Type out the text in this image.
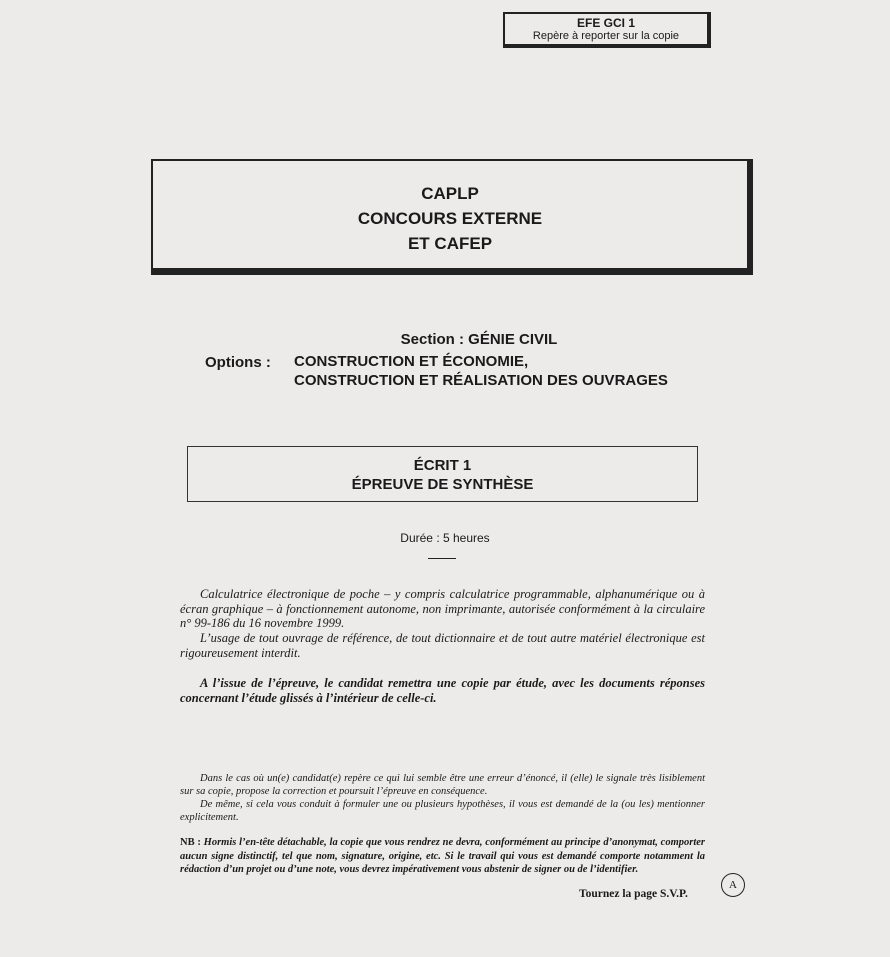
EFE GCI 1
Repère à reporter sur la copie
CAPLP
CONCOURS EXTERNE
ET CAFEP
Section : GÉNIE CIVIL
Options : CONSTRUCTION ET ÉCONOMIE,
CONSTRUCTION ET RÉALISATION DES OUVRAGES
ÉCRIT 1
ÉPREUVE DE SYNTHÈSE
Durée : 5 heures
Calculatrice électronique de poche – y compris calculatrice programmable, alphanumérique ou à écran graphique – à fonctionnement autonome, non imprimante, autorisée conformément à la circulaire n° 99-186 du 16 novembre 1999.
L’usage de tout ouvrage de référence, de tout dictionnaire et de tout autre matériel électronique est rigoureusement interdit.
A l’issue de l’épreuve, le candidat remettra une copie par étude, avec les documents réponses concernant l’étude glissés à l’intérieur de celle-ci.
Dans le cas où un(e) candidat(e) repère ce qui lui semble être une erreur d’énoncé, il (elle) le signale très lisiblement sur sa copie, propose la correction et poursuit l’épreuve en conséquence.
De même, si cela vous conduit à formuler une ou plusieurs hypothèses, il vous est demandé de la (ou les) mentionner explicitement.
NB : Hormis l’en-tête détachable, la copie que vous rendrez ne devra, conformément au principe d’anonymat, comporter aucun signe distinctif, tel que nom, signature, origine, etc. Si le travail qui vous est demandé comporte notamment la rédaction d’un projet ou d’une note, vous devrez impérativement vous abstenir de signer ou de l’identifier.
Tournez la page S.V.P.
A
